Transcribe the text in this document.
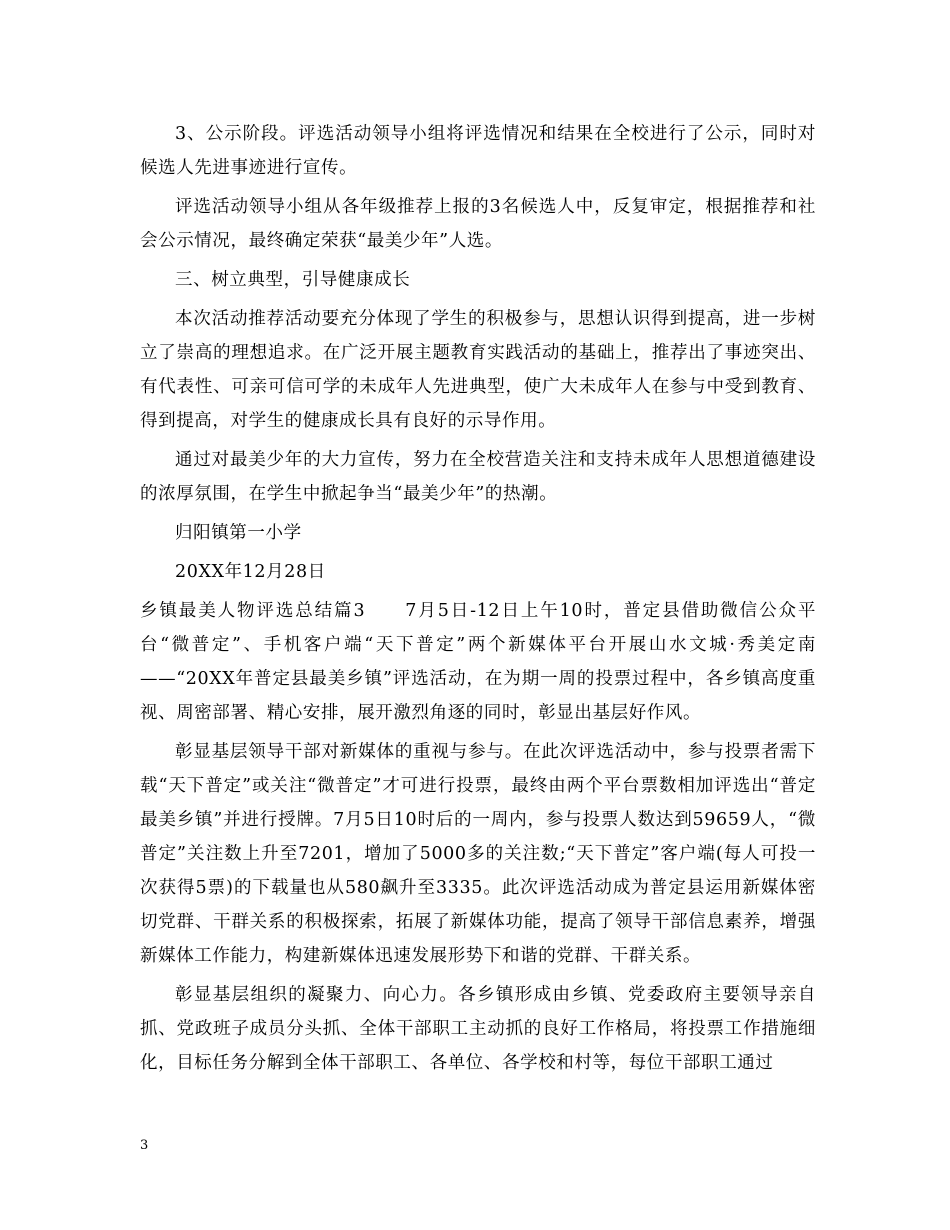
3、公示阶段。评选活动领导小组将评选情况和结果在全校进行了公示，同时对候选人先进事迹进行宣传。

评选活动领导小组从各年级推荐上报的3名候选人中，反复审定，根据推荐和社会公示情况，最终确定荣获“最美少年”人选。

三、树立典型，引导健康成长

本次活动推荐活动要充分体现了学生的积极参与，思想认识得到提高，进一步树立了崇高的理想追求。在广泛开展主题教育实践活动的基础上，推荐出了事迹突出、有代表性、可亲可信可学的未成年人先进典型，使广大未成年人在参与中受到教育、得到提高，对学生的健康成长具有良好的示导作用。

通过对最美少年的大力宣传，努力在全校营造关注和支持未成年人思想道德建设的浓厚氛围，在学生中掀起争当“最美少年”的热潮。

归阳镇第一小学

20XX年12月28日

乡镇最美人物评选总结篇3　　7月5日-12日上午10时，普定县借助微信公众平台“微普定”、手机客户端“天下普定”两个新媒体平台开展山水文城·秀美定南——“20XX年普定县最美乡镇”评选活动，在为期一周的投票过程中，各乡镇高度重视、周密部署、精心安排，展开激烈角逐的同时，彰显出基层好作风。

彰显基层领导干部对新媒体的重视与参与。在此次评选活动中，参与投票者需下载“天下普定”或关注“微普定”才可进行投票，最终由两个平台票数相加评选出“普定最美乡镇”并进行授牌。7月5日10时后的一周内，参与投票人数达到59659人，“微普定”关注数上升至7201，增加了5000多的关注数;“天下普定”客户端(每人可投一次获得5票)的下载量也从580飙升至3335。此次评选活动成为普定县运用新媒体密切党群、干群关系的积极探索，拓展了新媒体功能，提高了领导干部信息素养，增强新媒体工作能力，构建新媒体迅速发展形势下和谐的党群、干群关系。

彰显基层组织的凝聚力、向心力。各乡镇形成由乡镇、党委政府主要领导亲自抓、党政班子成员分头抓、全体干部职工主动抓的良好工作格局，将投票工作措施细化，目标任务分解到全体干部职工、各单位、各学校和村等，每位干部职工通过

3
